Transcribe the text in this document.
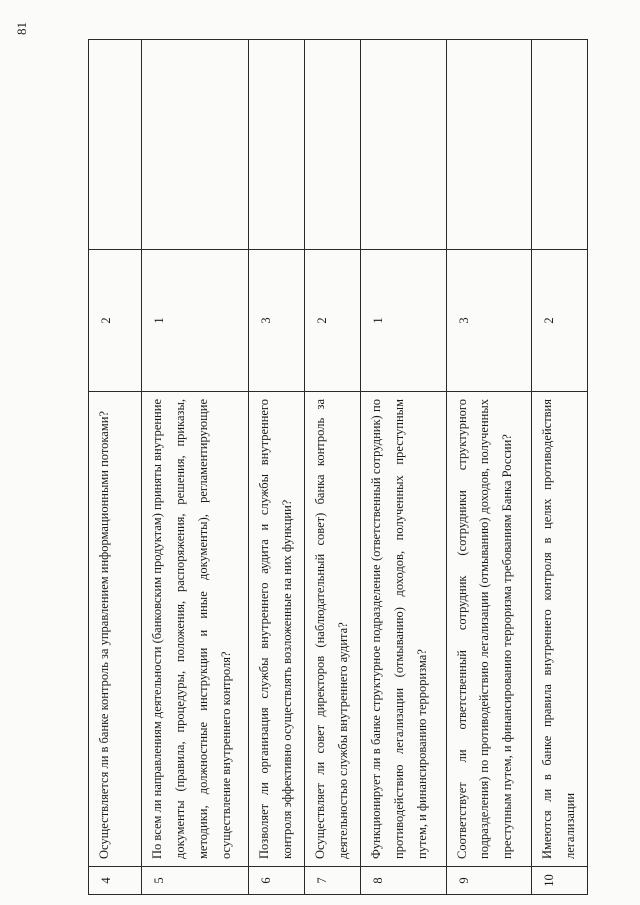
4	Осуществляется ли в банке контроль за управлением информационными потоками?	2	
5	По всем ли направлениям деятельности (банковским продуктам) приняты внутренние документы (правила, процедуры, положения, распоряжения, решения, приказы, методики, должностные инструкции и иные документы), регламентирующие осуществление внутреннего контроля?	1	
6	Позволяет ли организация службы внутреннего аудита и службы внутреннего контроля эффективно осуществлять возложенные на них функции?	3	
7	Осуществляет ли совет директоров (наблюдательный совет) банка контроль за деятельностью службы внутреннего аудита?	2	
8	Функционирует ли в банке структурное подразделение (ответственный сотрудник) по противодействию легализации (отмыванию) доходов, полученных преступным путем, и финансированию терроризма?	1	
9	Соответствует ли ответственный сотрудник (сотрудники структурного подразделения) по противодействию легализации (отмыванию) доходов, полученных преступным путем, и финансированию терроризма требованиям Банка России?	3	
10	Имеются ли в банке правила внутреннего контроля в целях противодействия легализации	2	
81
